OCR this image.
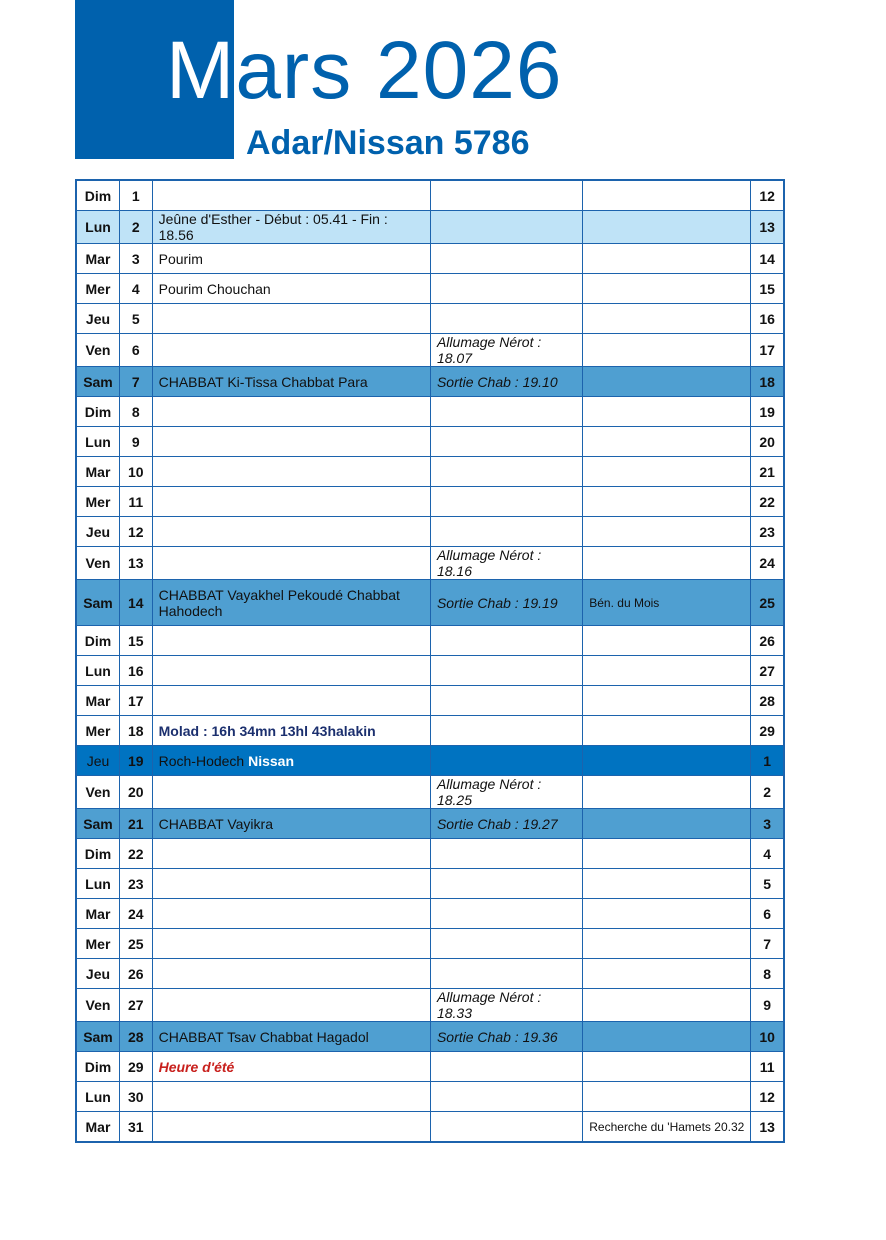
Mars 2026
Adar/Nissan 5786
Dim	1				12
Lun	2	Jeûne d'Esther - Début : 05.41 - Fin : 18.56			13
Mar	3	Pourim			14
Mer	4	Pourim Chouchan			15
Jeu	5				16
Ven	6		Allumage Nérot : 18.07		17
Sam	7	CHABBAT Ki-Tissa Chabbat Para	Sortie Chab : 19.10		18
Dim	8				19
Lun	9				20
Mar	10				21
Mer	11				22
Jeu	12				23
Ven	13		Allumage Nérot : 18.16		24
Sam	14	CHABBAT Vayakhel Pekoudé Chabbat Hahodech	Sortie Chab : 19.19	Bén. du Mois	25
Dim	15				26
Lun	16				27
Mar	17				28
Mer	18	Molad : 16h 34mn 13hl 43halakin			29
Jeu	19	Roch-Hodech Nissan			1
Ven	20		Allumage Nérot : 18.25		2
Sam	21	CHABBAT Vayikra	Sortie Chab : 19.27		3
Dim	22				4
Lun	23				5
Mar	24				6
Mer	25				7
Jeu	26				8
Ven	27		Allumage Nérot : 18.33		9
Sam	28	CHABBAT Tsav Chabbat Hagadol	Sortie Chab : 19.36		10
Dim	29	Heure d'été			11
Lun	30				12
Mar	31			Recherche du 'Hamets 20.32	13
